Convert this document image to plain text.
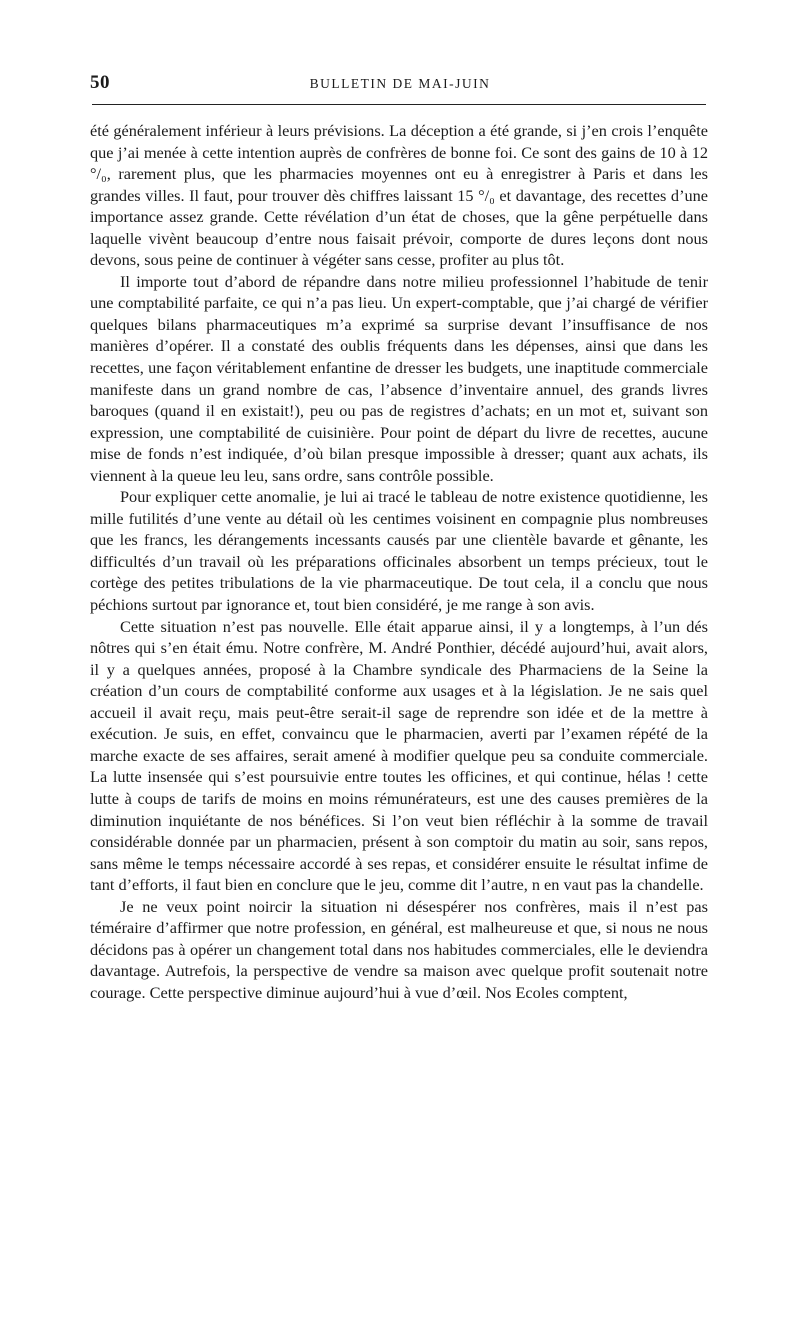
50	BULLETIN DE MAI-JUIN

été généralement inférieur à leurs prévisions. La déception a été grande, si j’en crois l’enquête que j’ai menée à cette intention auprès de confrères de bonne foi. Ce sont des gains de 10 à 12 °/₀, rarement plus, que les pharmacies moyennes ont eu à enregistrer à Paris et dans les grandes villes. Il faut, pour trouver dès chiffres laissant 15 °/₀ et davantage, des recettes d’une importance assez grande. Cette révélation d’un état de choses, que la gêne perpétuelle dans laquelle vivènt beaucoup d’entre nous faisait prévoir, comporte de dures leçons dont nous devons, sous peine de continuer à végéter sans cesse, profiter au plus tôt.

Il importe tout d’abord de répandre dans notre milieu professionnel l’habitude de tenir une comptabilité parfaite, ce qui n’a pas lieu. Un expert-comptable, que j’ai chargé de vérifier quelques bilans pharmaceutiques m’a exprimé sa surprise devant l’insuffisance de nos manières d’opérer. Il a constaté des oublis fréquents dans les dépenses, ainsi que dans les recettes, une façon véritablement enfantine de dresser les budgets, une inaptitude commerciale manifeste dans un grand nombre de cas, l’absence d’inventaire annuel, des grands livres baroques (quand il en existait!), peu ou pas de registres d’achats; en un mot et, suivant son expression, une comptabilité de cuisinière. Pour point de départ du livre de recettes, aucune mise de fonds n’est indiquée, d’où bilan presque impossible à dresser; quant aux achats, ils viennent à la queue leu leu, sans ordre, sans contrôle possible.

Pour expliquer cette anomalie, je lui ai tracé le tableau de notre existence quotidienne, les mille futilités d’une vente au détail où les centimes voisinent en compagnie plus nombreuses que les francs, les dérangements incessants causés par une clientèle bavarde et gênante, les difficultés d’un travail où les préparations officinales absorbent un temps précieux, tout le cortège des petites tribulations de la vie pharmaceutique. De tout cela, il a conclu que nous péchions surtout par ignorance et, tout bien considéré, je me range à son avis.

Cette situation n’est pas nouvelle. Elle était apparue ainsi, il y a longtemps, à l’un dés nôtres qui s’en était ému. Notre confrère, M. André Ponthier, décédé aujourd’hui, avait alors, il y a quelques années, proposé à la Chambre syndicale des Pharmaciens de la Seine la création d’un cours de comptabilité conforme aux usages et à la législation. Je ne sais quel accueil il avait reçu, mais peut-être serait-il sage de reprendre son idée et de la mettre à exécution. Je suis, en effet, convaincu que le pharmacien, averti par l’examen répété de la marche exacte de ses affaires, serait amené à modifier quelque peu sa conduite commerciale. La lutte insensée qui s’est poursuivie entre toutes les officines, et qui continue, hélas ! cette lutte à coups de tarifs de moins en moins rémunérateurs, est une des causes premières de la diminution inquiétante de nos bénéfices. Si l’on veut bien réfléchir à la somme de travail considérable donnée par un pharmacien, présent à son comptoir du matin au soir, sans repos, sans même le temps nécessaire accordé à ses repas, et considérer ensuite le résultat infime de tant d’efforts, il faut bien en conclure que le jeu, comme dit l’autre, n en vaut pas la chandelle.

Je ne veux point noircir la situation ni désespérer nos confrères, mais il n’est pas téméraire d’affirmer que notre profession, en général, est malheureuse et que, si nous ne nous décidons pas à opérer un changement total dans nos habitudes commerciales, elle le deviendra davantage. Autrefois, la perspective de vendre sa maison avec quelque profit soutenait notre courage. Cette perspective diminue aujourd’hui à vue d’œil. Nos Ecoles comptent,
